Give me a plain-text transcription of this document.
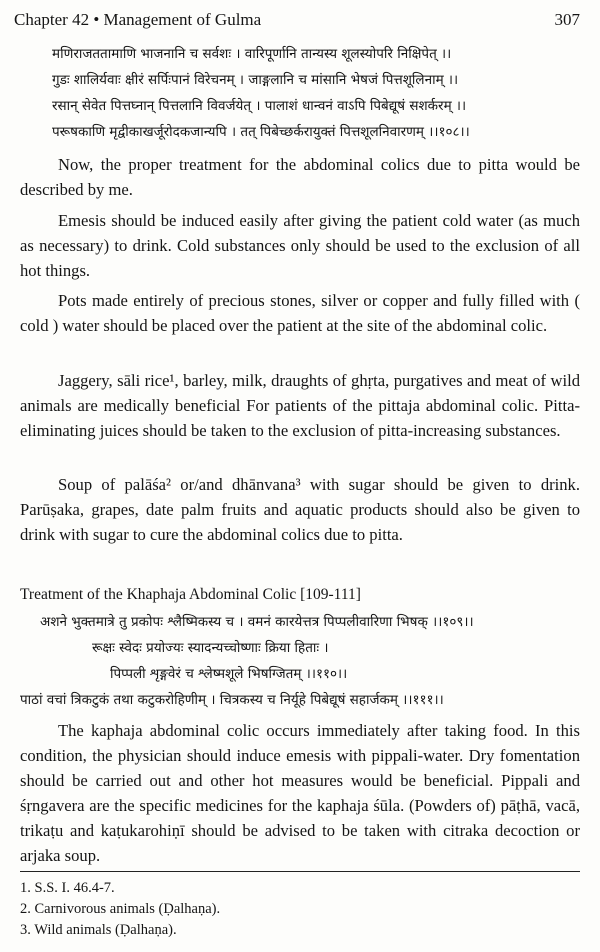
Chapter 42 • Management of Gulma	307
मणिराजततामाणि भाजनानि च सर्वशः । वारिपूर्णानि तान्यस्य शूलस्योपरि निक्षिपेत् ।।
गुडः शालिर्यवाः क्षीरं सर्पिःपानं विरेचनम् । जाङ्गलानि च मांसानि भेषजं पित्तशूलिनाम् ।।
रसान् सेवेत पित्तघ्नान् पित्तलानि विवर्जयेत् । पालाशं धान्वनं वाऽपि पिबेद्यूषं सशर्करम् ।।
परूषकाणि मृद्वीकाखर्जूरोदकजान्यपि । तत् पिबेच्छर्करायुक्तं पित्तशूलनिवारणम् ।।१०८।।

Now, the proper treatment for the abdominal colics due to pitta would be described by me.

Emesis should be induced easily after giving the patient cold water (as much as necessary) to drink. Cold substances only should be used to the exclusion of all hot things.

Pots made entirely of precious stones, silver or copper and fully filled with ( cold ) water should be placed over the patient at the site of the abdominal colic.

Jaggery, sāli rice¹, barley, milk, draughts of ghṛta, purgatives and meat of wild animals are medically beneficial For patients of the pittaja abdominal colic. Pitta-eliminating juices should be taken to the exclusion of pitta-increasing substances.

Soup of palāśa² or/and dhānvana³ with sugar should be given to drink. Parūṣaka, grapes, date palm fruits and aquatic products should also be given to drink with sugar to cure the abdominal colics due to pitta.

Treatment of the Khaphaja Abdominal Colic [109-111]
अशने भुक्तमात्रे तु प्रकोपः श्लैष्मिकस्य च । वमनं कारयेत्तत्र पिप्पलीवारिणा भिषक् ।।१०९।।
रूक्षः स्वेदः प्रयोज्यः स्यादन्यच्चोष्णाः क्रिया हिताः ।
पिप्पली शृङ्गवेरं च श्लेष्मशूले भिषग्जितम् ।।११०।।
पाठां वचां त्रिकटुकं तथा कटुकरोहिणीम् । चित्रकस्य च निर्यूहे पिबेद्यूषं सहार्जकम् ।।१११।।

The kaphaja abdominal colic occurs immediately after taking food. In this condition, the physician should induce emesis with pippali-water. Dry fomentation should be carried out and other hot measures would be beneficial. Pippali and śṛngavera are the specific medicines for the kaphaja śūla. (Powders of) pāṭhā, vacā, trikaṭu and kaṭukarohiṇī should be advised to be taken with citraka decoction or arjaka soup.

1. S.S. I. 46.4-7.
2. Carnivorous animals (Ḍalhaṇa).
3. Wild animals (Ḍalhaṇa).
